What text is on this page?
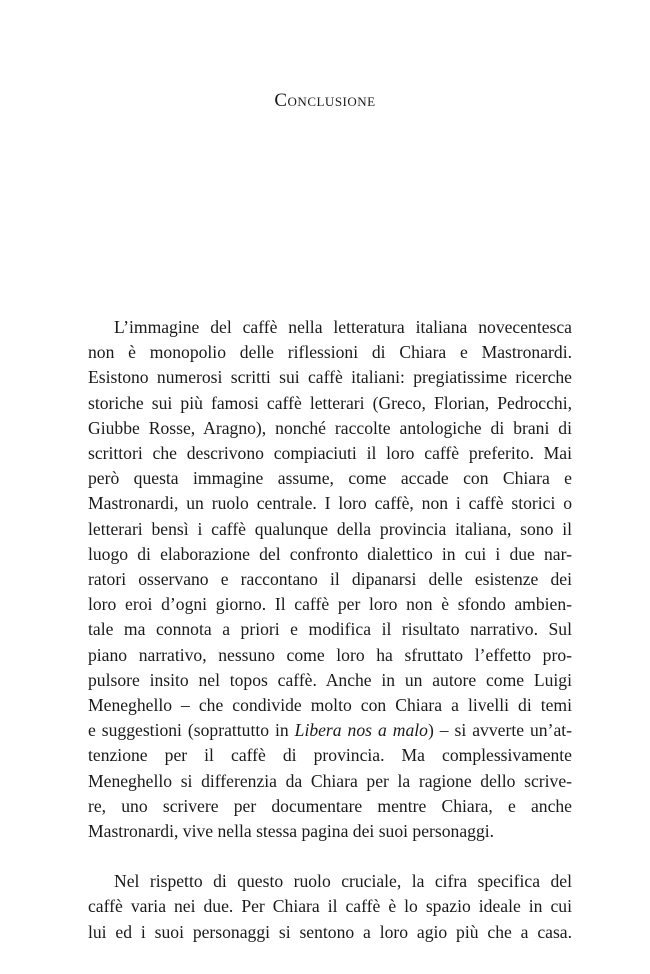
Conclusione

L’immagine del caffè nella letteratura italiana novecentesca
non è monopolio delle riflessioni di Chiara e Mastronardi.
Esistono numerosi scritti sui caffè italiani: pregiatissime ricerche
storiche sui più famosi caffè letterari (Greco, Florian, Pedrocchi,
Giubbe Rosse, Aragno), nonché raccolte antologiche di brani di
scrittori che descrivono compiaciuti il loro caffè preferito. Mai
però questa immagine assume, come accade con Chiara e
Mastronardi, un ruolo centrale. I loro caffè, non i caffè storici o
letterari bensì i caffè qualunque della provincia italiana, sono il
luogo di elaborazione del confronto dialettico in cui i due nar-
ratori osservano e raccontano il dipanarsi delle esistenze dei
loro eroi d’ogni giorno. Il caffè per loro non è sfondo ambien-
tale ma connota a priori e modifica il risultato narrativo. Sul
piano narrativo, nessuno come loro ha sfruttato l’effetto pro-
pulsore insito nel topos caffè. Anche in un autore come Luigi
Meneghello – che condivide molto con Chiara a livelli di temi
e suggestioni (soprattutto in Libera nos a malo) – si avverte un’at-
tenzione per il caffè di provincia. Ma complessivamente
Meneghello si differenzia da Chiara per la ragione dello scrive-
re, uno scrivere per documentare mentre Chiara, e anche
Mastronardi, vive nella stessa pagina dei suoi personaggi.

Nel rispetto di questo ruolo cruciale, la cifra specifica del
caffè varia nei due. Per Chiara il caffè è lo spazio ideale in cui
lui ed i suoi personaggi si sentono a loro agio più che a casa.
